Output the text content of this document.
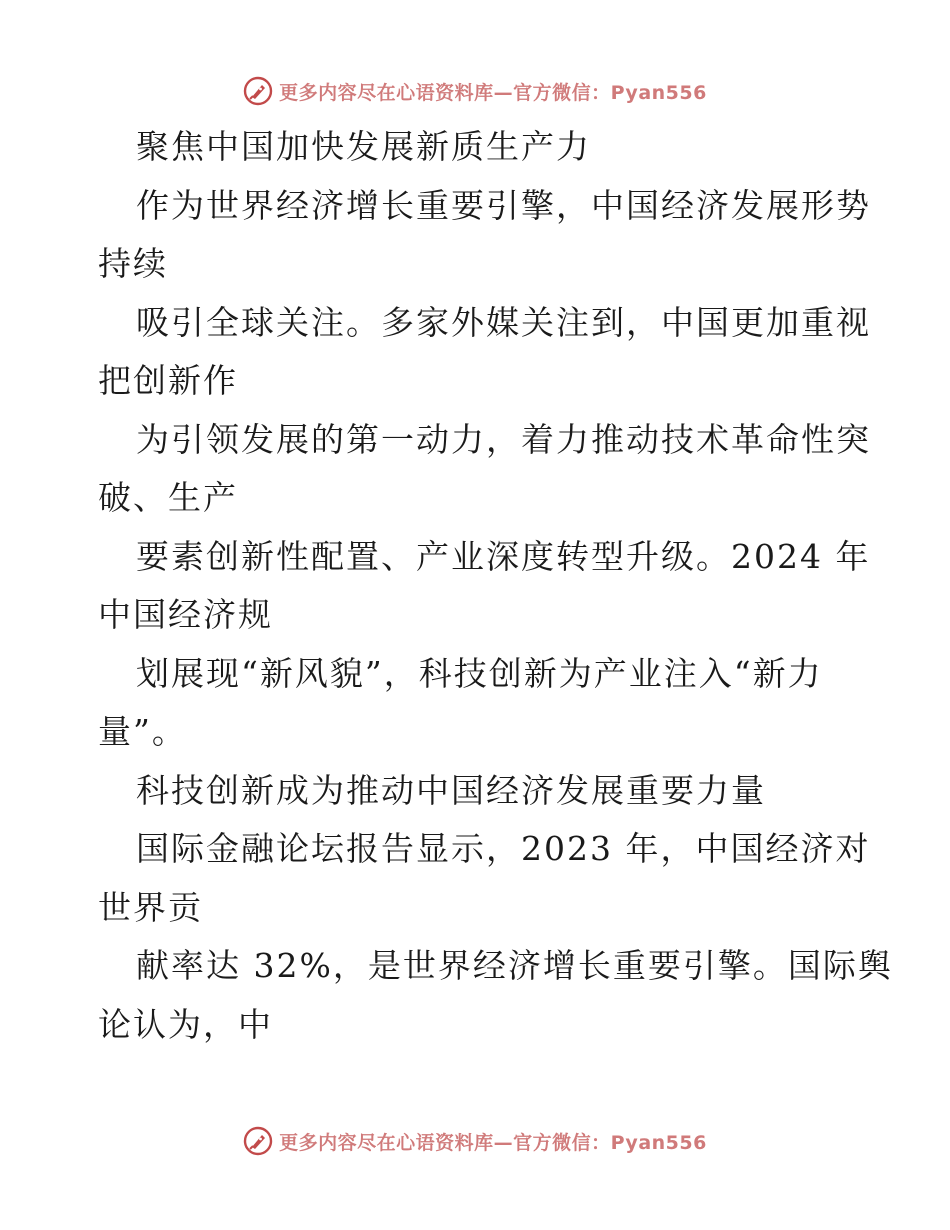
更多内容尽在心语资料库—官方微信：Pyan556
聚焦中国加快发展新质生产力
作为世界经济增长重要引擎，中国经济发展形势
持续
吸引全球关注。多家外媒关注到，中国更加重视
把创新作
为引领发展的第一动力，着力推动技术革命性突
破、生产
要素创新性配置、产业深度转型升级。2024 年
中国经济规
划展现“新风貌”，科技创新为产业注入“新力
量”。
科技创新成为推动中国经济发展重要力量
国际金融论坛报告显示，2023 年，中国经济对
世界贡
献率达 32%，是世界经济增长重要引擎。国际舆
论认为，中
更多内容尽在心语资料库—官方微信：Pyan556
